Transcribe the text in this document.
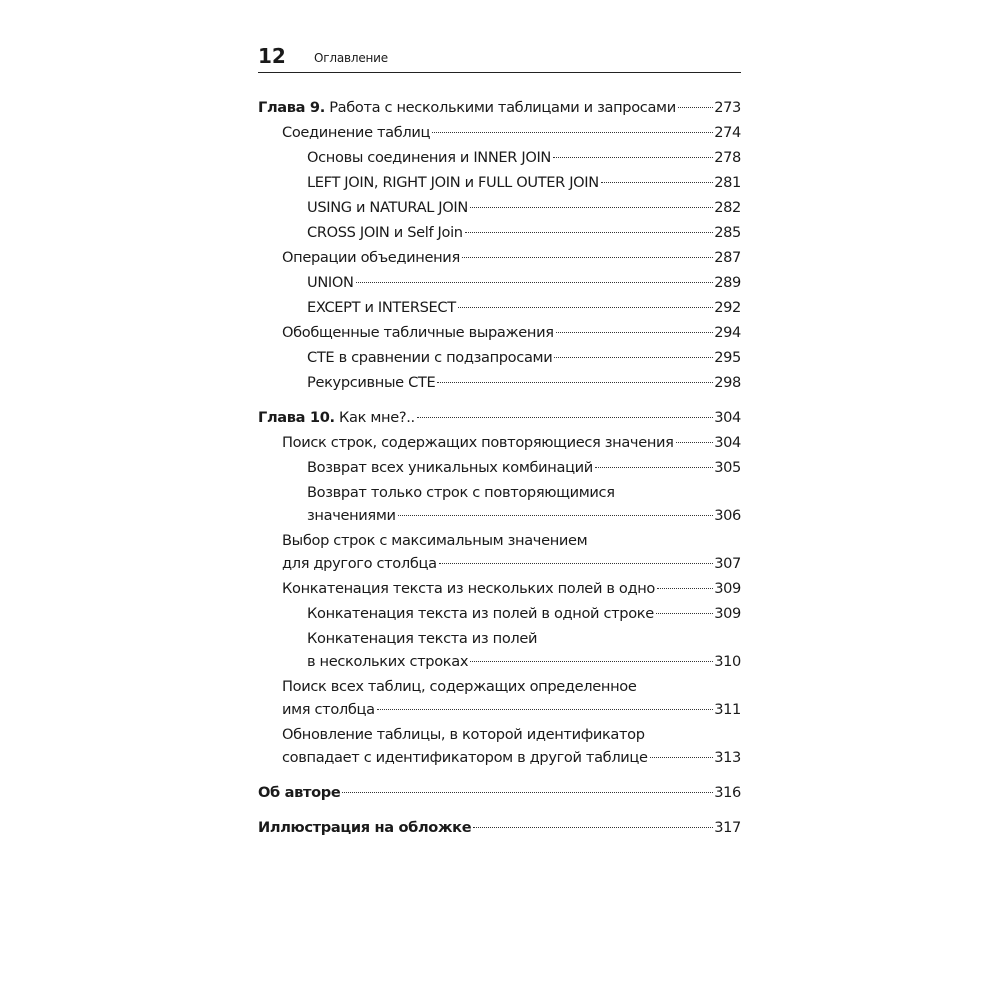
12 Оглавление
Глава 9. Работа с несколькими таблицами и запросами	273
Соединение таблиц	274
Основы соединения и INNER JOIN	278
LEFT JOIN, RIGHT JOIN и FULL OUTER JOIN	281
USING и NATURAL JOIN	282
CROSS JOIN и Self Join	285
Операции объединения	287
UNION	289
EXCEPT и INTERSECT	292
Обобщенные табличные выражения	294
CTE в сравнении с подзапросами	295
Рекурсивные CTE	298
Глава 10. Как мне?..	304
Поиск строк, содержащих повторяющиеся значения	304
Возврат всех уникальных комбинаций	305
Возврат только строк с повторяющимися
значениями	306
Выбор строк с максимальным значением
для другого столбца	307
Конкатенация текста из нескольких полей в одно	309
Конкатенация текста из полей в одной строке	309
Конкатенация текста из полей
в нескольких строках	310
Поиск всех таблиц, содержащих определенное
имя столбца	311
Обновление таблицы, в которой идентификатор
совпадает с идентификатором в другой таблице	313
Об авторе	316
Иллюстрация на обложке	317
